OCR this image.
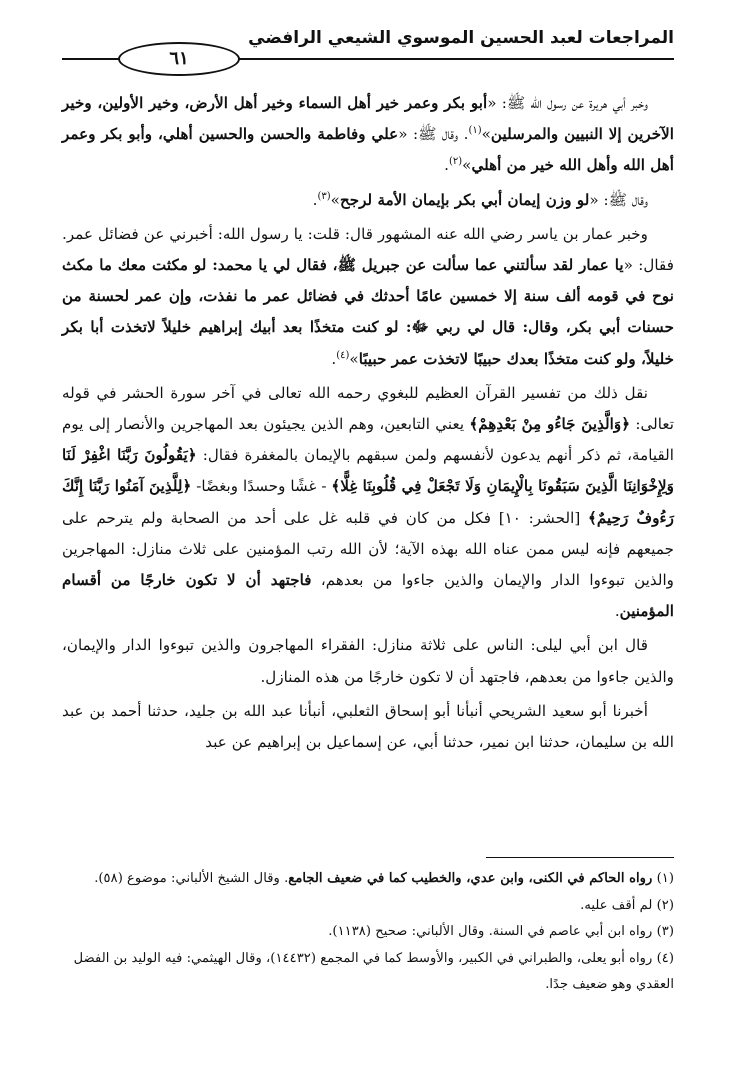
المراجعات لعبد الحسين الموسوي الشيعي الرافضي
٦١

وخبر أبي هريرة عن رسول الله ﷺ: «أبو بكر وعمر خير أهل السماء وخير أهل الأرض، وخير الأولين، وخير الآخرين إلا النبيين والمرسلين»$^{(١)}$. وقال ﷺ: «علي وفاطمة والحسن والحسين أهلي، وأبو بكر وعمر أهل الله وأهل الله خير من أهلي»$^{(٢)}$.

وقال ﷺ: «لو وزن إيمان أبي بكر بإيمان الأمة لرجح»$^{(٣)}$.

وخبر عمار بن ياسر رضي الله عنه المشهور قال: قلت: يا رسول الله: أخبرني عن فضائل عمر. فقال: «يا عمار لقد سألتني عما سألت عن جبريل ﷺ، فقال لي يا محمد: لو مكثت معك ما مكث نوح في قومه ألف سنة إلا خمسين عامًا أحدثك في فضائل عمر ما نفذت، وإن عمر لحسنة من حسنات أبي بكر، وقال: قال لي ربي ﷻ: لو كنت متخذًا بعد أبيك إبراهيم خليلاً لاتخذت أبا بكر خليلاً، ولو كنت متخذًا بعدك حبيبًا لاتخذت عمر حبيبًا»$^{(٤)}$.

نقل ذلك من تفسير القرآن العظيم للبغوي رحمه الله تعالى في آخر سورة الحشر في قوله تعالى: ﴿وَالَّذِينَ جَاءُو مِنْ بَعْدِهِمْ﴾ يعني التابعين، وهم الذين يجيئون بعد المهاجرين والأنصار إلى يوم القيامة، ثم ذكر أنهم يدعون لأنفسهم ولمن سبقهم بالإيمان بالمغفرة فقال: ﴿يَقُولُونَ رَبَّنَا اغْفِرْ لَنَا وَلِإِخْوَانِنَا الَّذِينَ سَبَقُونَا بِالْإِيمَانِ وَلَا تَجْعَلْ فِي قُلُوبِنَا غِلًّا﴾ - غشًا وحسدًا وبغضًا- ﴿لِلَّذِينَ آمَنُوا رَبَّنَا إِنَّكَ رَءُوفٌ رَحِيمٌ﴾ [الحشر: ١٠] فكل من كان في قلبه غل على أحد من الصحابة ولم يترحم على جميعهم فإنه ليس ممن عناه الله بهذه الآية؛ لأن الله رتب المؤمنين على ثلاث منازل: المهاجرين والذين تبوءوا الدار والإيمان والذين جاءوا من بعدهم، فاجتهد أن لا تكون خارجًا من أقسام المؤمنين.

قال ابن أبي ليلى: الناس على ثلاثة منازل: الفقراء المهاجرون والذين تبوءوا الدار والإيمان، والذين جاءوا من بعدهم، فاجتهد أن لا تكون خارجًا من هذه المنازل.

أخبرنا أبو سعيد الشريحي أنبأنا أبو إسحاق الثعلبي، أنبأنا عبد الله بن جليد، حدثنا أحمد بن عبد الله بن سليمان، حدثنا ابن نمير، حدثنا أبي، عن إسماعيل بن إبراهيم عن عبد

(١) رواه الحاكم في الكنى، وابن عدي، والخطيب كما في ضعيف الجامع. وقال الشيخ الألباني: موضوع (٥٨).

(٢) لم أقف عليه.

(٣) رواه ابن أبي عاصم في السنة. وقال الألباني: صحيح (١١٣٨).

(٤) رواه أبو يعلى، والطبراني في الكبير، والأوسط كما في المجمع (١٤٤٣٢)، وقال الهيثمي: فيه الوليد بن الفضل العقدي وهو ضعيف جدًا.
